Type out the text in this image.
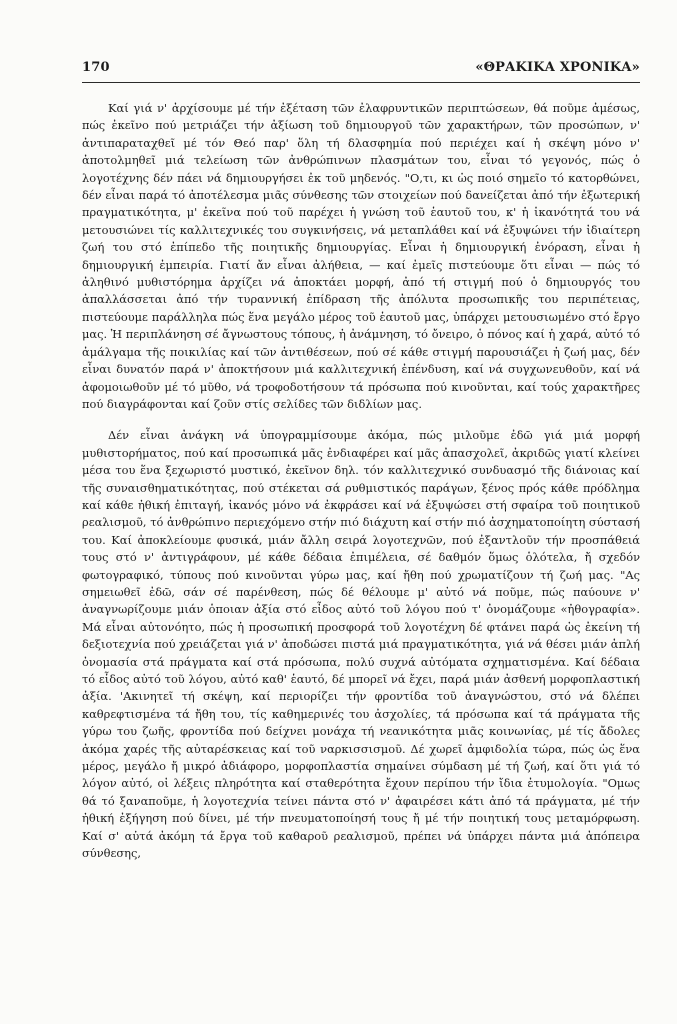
170	«ΘΡΑΚΙΚΑ ΧΡΟΝΙΚΑ»

Καί γιά ν' ἀρχίσουμε μέ τήν ἐξέταση τῶν ἐλαφρυντικῶν περιπτώσεων, θά ποῦμε ἀμέσως, πώς ἐκεῖνο πού μετριάζει τήν ἀξίωση τοῦ δημιουργοῦ τῶν χαρακτήρων, τῶν προσώπων, ν' ἀντιπαραταχθεῖ μέ τόν Θεό παρ' ὅλη τή δλασφημία πού περιέχει καί ἡ σκέψη μόνο ν' ἀποτολμηθεῖ μιά τελείωση τῶν ἀνθρώπινων πλασμάτων του, εἶναι τό γεγονός, πώς ὁ λογοτέχνης δέν πάει νά δημιουργήσει ἐκ τοῦ μηδενός. "Ο,τι, κι ὡς ποιό σημεῖο τό κατορθώνει, δέν εἶναι παρά τό ἀποτέλεσμα μιᾶς σύνθεσης τῶν στοιχείων πού δανείζεται ἀπό τήν ἐξωτερική πραγματικότητα, μ' ἐκεῖνα πού τοῦ παρέχει ἡ γνώση τοῦ ἑαυτοῦ του, κ' ἡ ἱκανότητά του νά μετουσιώνει τίς καλλιτεχνικές του συγκινήσεις, νά μεταπλάθει καί νά ἐξυψώνει τήν ἰδιαίτερη ζωή του στό ἐπίπεδο τῆς ποιητικῆς δημιουργίας. Εἶναι ἡ δημιουργική ἐνόραση, εἶναι ἡ δημιουργική ἐμπειρία. Γιατί ἄν εἶναι ἀλήθεια, — καί ἐμεῖς πιστεύουμε ὅτι εἶναι — πώς τό ἀληθινό μυθιστόρημα ἀρχίζει νά ἀποκτάει μορφή, ἀπό τή στιγμή πού ὁ δημιουργός του ἀπαλλάσσεται ἀπό τήν τυραννική ἐπίδραση τῆς ἀπόλυτα προσωπικῆς του περιπέτειας, πιστεύουμε παράλληλα πώς ἕνα μεγάλο μέρος τοῦ ἑαυτοῦ μας, ὑπάρχει μετουσιωμένο στό ἔργο μας. Ἡ περιπλάνηση σέ ἄγνωστους τόπους, ἡ ἀνάμνηση, τό ὄνειρο, ὁ πόνος καί ἡ χαρά, αὐτό τό ἀμάλγαμα τῆς ποικιλίας καί τῶν ἀντιθέσεων, πού σέ κάθε στιγμή παρουσιάζει ἡ ζωή μας, δέν εἶναι δυνατόν παρά ν' ἀποκτήσουν μιά καλλιτεχνική ἐπένδυση, καί νά συγχωνευθοῦν, καί νά ἀφομοιωθοῦν μέ τό μῦθο, νά τροφοδοτήσουν τά πρόσωπα πού κινοῦνται, καί τούς χαρακτῆρες πού διαγράφονται καί ζοῦν στίς σελίδες τῶν διδλίων μας.

Δέν εἶναι ἀνάγκη νά ὑπογραμμίσουμε ἀκόμα, πώς μιλοῦμε ἐδῶ γιά μιά μορφή μυθιστορήματος, πού καί προσωπικά μᾶς ἐνδιαφέρει καί μᾶς ἀπασχολεῖ, ἀκριδῶς γιατί κλείνει μέσα του ἕνα ξεχωριστό μυστικό, ἐκεῖνον δηλ. τόν καλλιτεχνικό συνδυασμό τῆς διάνοιας καί τῆς συναισθηματικότητας, πού στέκεται σά ρυθμιστικός παράγων, ξένος πρός κάθε πρόδλημα καί κάθε ἠθική ἐπιταγή, ἱκανός μόνο νά ἐκφράσει καί νά ἐξυψώσει στή σφαίρα τοῦ ποιητικοῦ ρεαλισμοῦ, τό ἀνθρώπινο περιεχόμενο στήν πιό διάχυτη καί στήν πιό ἀσχηματοποίητη σύστασή του. Καί ἀποκλείουμε φυσικά, μιάν ἄλλη σειρά λογοτεχνῶν, πού ἐξαντλοῦν τήν προσπάθειά τους στό ν' ἀντιγράφουν, μέ κάθε δέδαια ἐπιμέλεια, σέ δαθμόν ὅμως ὁλότελα, ἤ σχεδόν φωτογραφικό, τύπους πού κινοῦνται γύρω μας, καί ἤθη πού χρωματίζουν τή ζωή μας. "Ας σημειωθεῖ ἐδῶ, σάν σέ παρένθεση, πώς δέ θέλουμε μ' αὐτό νά ποῦμε, πώς παύουνε ν' ἀναγνωρίζουμε μιάν ὁποιαν ἀξία στό εἶδος αὐτό τοῦ λόγου πού τ' ὀνομάζουμε «ἠθογραφία». Μά εἶναι αὐτονόητο, πώς ἡ προσωπική προσφορά τοῦ λογοτέχνη δέ φτάνει παρά ὡς ἐκείνη τή δεξιοτεχνία πού χρειάζεται γιά ν' ἀποδώσει πιστά μιά πραγματικότητα, γιά νά θέσει μιάν ἁπλή ὀνομασία στά πράγματα καί στά πρόσωπα, πολύ συχνά αὐτόματα σχηματισμένα. Καί δέδαια τό εἶδος αὐτό τοῦ λόγου, αὐτό καθ' ἑαυτό, δέ μπορεῖ νά ἔχει, παρά μιάν ἀσθενή μορφοπλαστική ἀξία. 'Ακινητεῖ τή σκέψη, καί περιορίζει τήν φροντίδα τοῦ ἀναγνώστου, στό νά δλέπει καθρεφτισμένα τά ἤθη του, τίς καθημερινές του ἀσχολίες, τά πρόσωπα καί τά πράγματα τῆς γύρω του ζωῆς, φροντίδα πού δείχνει μονάχα τή νεανικότητα μιᾶς κοινωνίας, μέ τίς ἄδολες ἀκόμα χαρές τῆς αὐταρέσκειας καί τοῦ ναρκισσισμοῦ. Δέ χωρεῖ ἀμφιδολία τώρα, πώς ὡς ἕνα μέρος, μεγάλο ἤ μικρό ἀδιάφορο, μορφοπλαστία σημαίνει σύμδαση μέ τή ζωή, καί ὅτι γιά τό λόγον αὐτό, οἱ λέξεις πληρότητα καί σταθερότητα ἔχουν περίπου τήν ἴδια ἐτυμολογία. "Ομως θά τό ξαναποῦμε, ἡ λογοτεχνία τείνει πάντα στό ν' ἀφαιρέσει κάτι ἀπό τά πράγματα, μέ τήν ἠθική ἐξήγηση πού δίνει, μέ τήν πνευματοποίησή τους ἤ μέ τήν ποιητική τους μεταμόρφωση. Καί σ' αὐτά ἀκόμη τά ἔργα τοῦ καθαροῦ ρεαλισμοῦ, πρέπει νά ὑπάρχει πάντα μιά ἀπόπειρα σύνθεσης,
